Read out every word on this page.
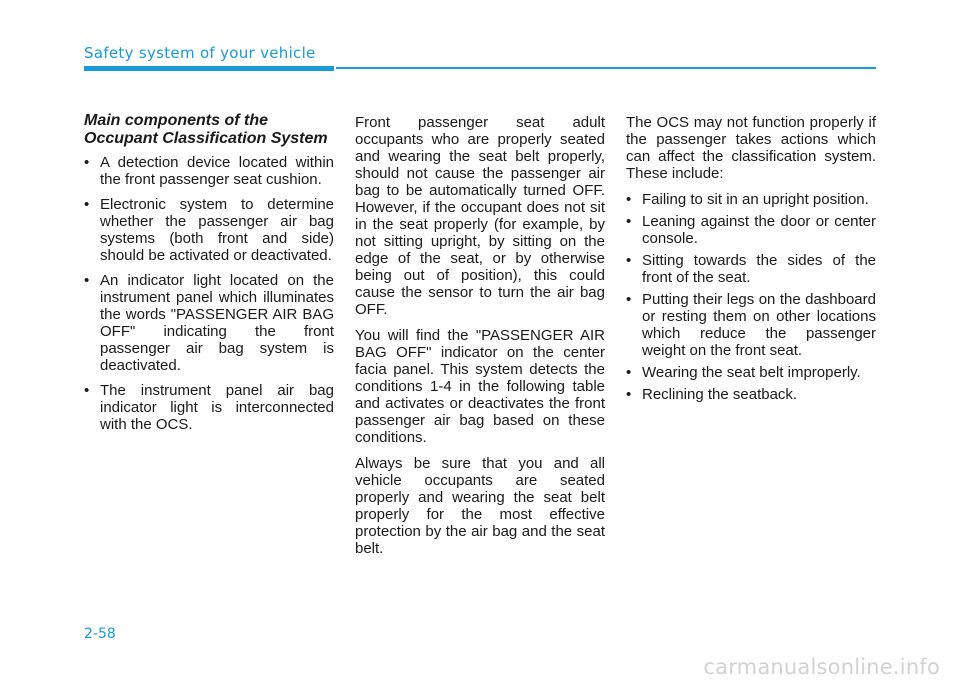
Safety system of your vehicle
Main components of the
Occupant Classification System
• A detection device located within the front passenger seat cushion.
• Electronic system to determine whether the passenger air bag systems (both front and side) should be activated or deactivated.
• An indicator light located on the instrument panel which illuminates the words "PASSENGER AIR BAG OFF" indicating the front passenger air bag system is deactivated.
• The instrument panel air bag indicator light is interconnected with the OCS.

Front passenger seat adult occupants who are properly seated and wearing the seat belt properly, should not cause the passenger air bag to be automatically turned OFF. However, if the occupant does not sit in the seat properly (for example, by not sitting upright, by sitting on the edge of the seat, or by otherwise being out of position), this could cause the sensor to turn the air bag OFF.

You will find the "PASSENGER AIR BAG OFF" indicator on the center facia panel. This system detects the conditions 1-4 in the following table and activates or deactivates the front passenger air bag based on these conditions.

Always be sure that you and all vehicle occupants are seated properly and wearing the seat belt properly for the most effective protection by the air bag and the seat belt.

The OCS may not function properly if the passenger takes actions which can affect the classification system. These include:

• Failing to sit in an upright position.
• Leaning against the door or center console.
• Sitting towards the sides of the front of the seat.
• Putting their legs on the dashboard or resting them on other locations which reduce the passenger weight on the front seat.
• Wearing the seat belt improperly.
• Reclining the seatback.
2-58
carmanualsonline.info
